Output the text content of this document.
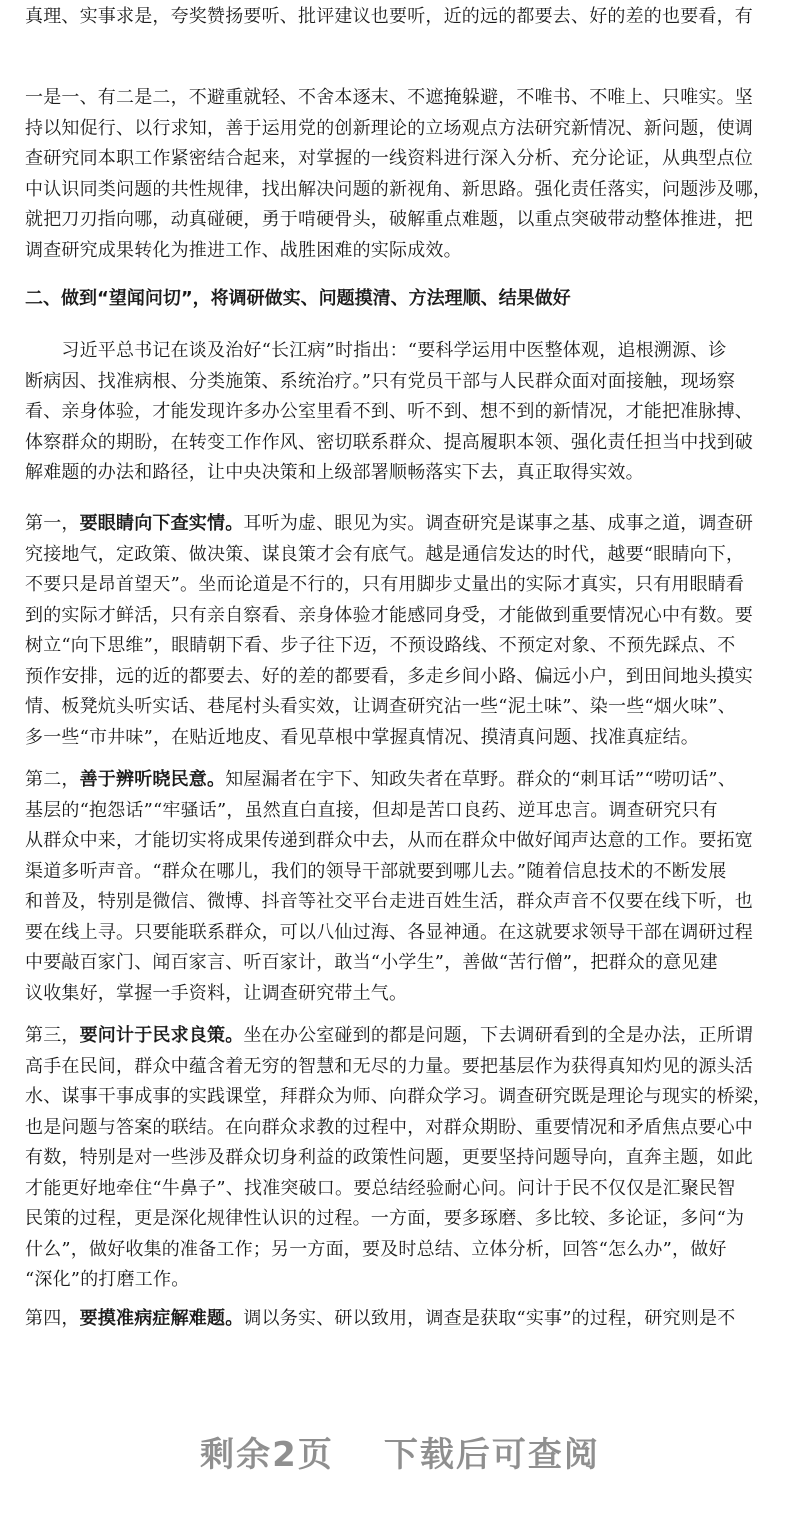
真理、实事求是，夸奖赞扬要听、批评建议也要听，近的远的都要去、好的差的也要看，有

一是一、有二是二，不避重就轻、不舍本逐末、不遮掩躲避，不唯书、不唯上、只唯实。坚
持以知促行、以行求知，善于运用党的创新理论的立场观点方法研究新情况、新问题，使调
查研究同本职工作紧密结合起来，对掌握的一线资料进行深入分析、充分论证，从典型点位
中认识同类问题的共性规律，找出解决问题的新视角、新思路。强化责任落实，问题涉及哪，
就把刀刃指向哪，动真碰硬，勇于啃硬骨头，破解重点难题，以重点突破带动整体推进，把
调查研究成果转化为推进工作、战胜困难的实际成效。

二、做到“望闻问切”，将调研做实、问题摸清、方法理顺、结果做好

　　习近平总书记在谈及治好“长江病”时指出：“要科学运用中医整体观，追根溯源、诊
断病因、找准病根、分类施策、系统治疗。”只有党员干部与人民群众面对面接触，现场察
看、亲身体验，才能发现许多办公室里看不到、听不到、想不到的新情况，才能把准脉搏、
体察群众的期盼，在转变工作作风、密切联系群众、提高履职本领、强化责任担当中找到破
解难题的办法和路径，让中央决策和上级部署顺畅落实下去，真正取得实效。

第一，要眼睛向下查实情。耳听为虚、眼见为实。调查研究是谋事之基、成事之道，调查研
究接地气，定政策、做决策、谋良策才会有底气。越是通信发达的时代，越要“眼睛向下，
不要只是昂首望天”。坐而论道是不行的，只有用脚步丈量出的实际才真实，只有用眼睛看
到的实际才鲜活，只有亲自察看、亲身体验才能感同身受，才能做到重要情况心中有数。要
树立“向下思维”，眼睛朝下看、步子往下迈，不预设路线、不预定对象、不预先踩点、不
预作安排，远的近的都要去、好的差的都要看，多走乡间小路、偏远小户，到田间地头摸实
情、板凳炕头听实话、巷尾村头看实效，让调查研究沾一些“泥土味”、染一些“烟火味”、
多一些“市井味”，在贴近地皮、看见草根中掌握真情况、摸清真问题、找准真症结。

第二，善于辨听晓民意。知屋漏者在宇下、知政失者在草野。群众的“刺耳话”“唠叨话”、
基层的“抱怨话”“牢骚话”，虽然直白直接，但却是苦口良药、逆耳忠言。调查研究只有
从群众中来，才能切实将成果传递到群众中去，从而在群众中做好闻声达意的工作。要拓宽
渠道多听声音。“群众在哪儿，我们的领导干部就要到哪儿去。”随着信息技术的不断发展
和普及，特别是微信、微博、抖音等社交平台走进百姓生活，群众声音不仅要在线下听，也
要在线上寻。只要能联系群众，可以八仙过海、各显神通。在这就要求领导干部在调研过程
中要敲百家门、闻百家言、听百家计，敢当“小学生”，善做“苦行僧”，把群众的意见建
议收集好，掌握一手资料，让调查研究带土气。

第三，要问计于民求良策。坐在办公室碰到的都是问题，下去调研看到的全是办法，正所谓
高手在民间，群众中蕴含着无穷的智慧和无尽的力量。要把基层作为获得真知灼见的源头活
水、谋事干事成事的实践课堂，拜群众为师、向群众学习。调查研究既是理论与现实的桥梁，
也是问题与答案的联结。在向群众求教的过程中，对群众期盼、重要情况和矛盾焦点要心中
有数，特别是对一些涉及群众切身利益的政策性问题，更要坚持问题导向，直奔主题，如此
才能更好地牵住“牛鼻子”、找准突破口。要总结经验耐心问。问计于民不仅仅是汇聚民智
民策的过程，更是深化规律性认识的过程。一方面，要多琢磨、多比较、多论证，多问“为
什么”，做好收集的准备工作；另一方面，要及时总结、立体分析，回答“怎么办”，做好
“深化”的打磨工作。

第四，要摸准病症解难题。调以务实、研以致用，调查是获取“实事”的过程，研究则是不

剩余2页 下载后可查阅
